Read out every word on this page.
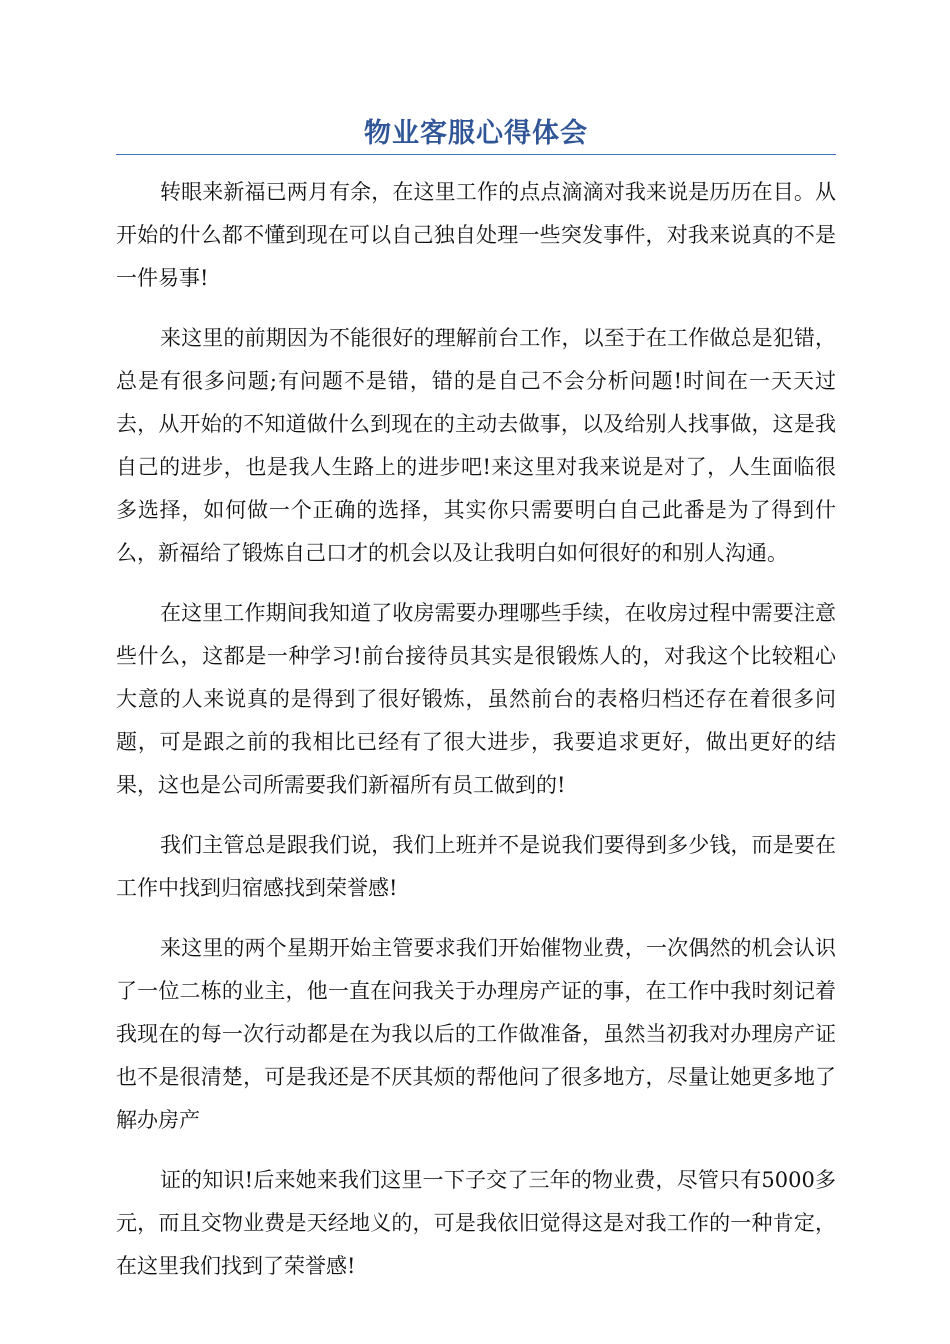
物业客服心得体会

转眼来新福已两月有余，在这里工作的点点滴滴对我来说是历历在目。从开始的什么都不懂到现在可以自己独自处理一些突发事件，对我来说真的不是一件易事!

来这里的前期因为不能很好的理解前台工作，以至于在工作做总是犯错，总是有很多问题;有问题不是错，错的是自己不会分析问题!时间在一天天过去，从开始的不知道做什么到现在的主动去做事，以及给别人找事做，这是我自己的进步，也是我人生路上的进步吧!来这里对我来说是对了，人生面临很多选择，如何做一个正确的选择，其实你只需要明白自己此番是为了得到什么，新福给了锻炼自己口才的机会以及让我明白如何很好的和别人沟通。

在这里工作期间我知道了收房需要办理哪些手续，在收房过程中需要注意些什么，这都是一种学习!前台接待员其实是很锻炼人的，对我这个比较粗心大意的人来说真的是得到了很好锻炼，虽然前台的表格归档还存在着很多问题，可是跟之前的我相比已经有了很大进步，我要追求更好，做出更好的结果，这也是公司所需要我们新福所有员工做到的!

我们主管总是跟我们说，我们上班并不是说我们要得到多少钱，而是要在工作中找到归宿感找到荣誉感!

来这里的两个星期开始主管要求我们开始催物业费，一次偶然的机会认识了一位二栋的业主，他一直在问我关于办理房产证的事，在工作中我时刻记着我现在的每一次行动都是在为我以后的工作做准备，虽然当初我对办理房产证也不是很清楚，可是我还是不厌其烦的帮他问了很多地方，尽量让她更多地了解办房产

证的知识!后来她来我们这里一下子交了三年的物业费，尽管只有5000多元，而且交物业费是天经地义的，可是我依旧觉得这是对我工作的一种肯定，在这里我们找到了荣誉感!
